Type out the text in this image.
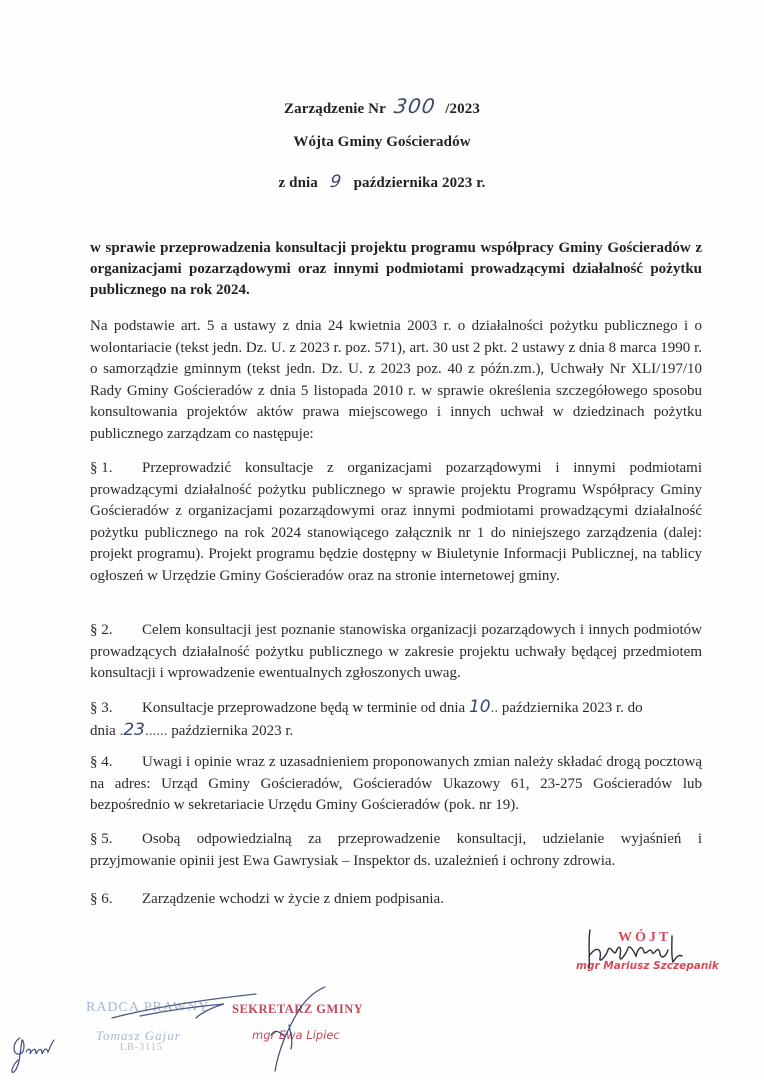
Zarządzenie Nr 300 /2023
Wójta Gminy Gościeradów
z dnia 9 października 2023 r.
w sprawie przeprowadzenia konsultacji projektu programu współpracy Gminy Gościeradów z organizacjami pozarządowymi oraz innymi podmiotami prowadzącymi działalność pożytku publicznego na rok 2024.
Na podstawie art. 5 a ustawy z dnia 24 kwietnia 2003 r. o działalności pożytku publicznego i o wolontariacie (tekst jedn. Dz. U. z 2023 r. poz. 571), art. 30 ust 2 pkt. 2 ustawy z dnia 8 marca 1990 r. o samorządzie gminnym (tekst jedn. Dz. U. z 2023 poz. 40 z późn.zm.), Uchwały Nr XLI/197/10 Rady Gminy Gościeradów z dnia 5 listopada 2010 r. w sprawie określenia szczegółowego sposobu konsultowania projektów aktów prawa miejscowego i innych uchwał w dziedzinach pożytku publicznego zarządzam co następuje:
§ 1. Przeprowadzić konsultacje z organizacjami pozarządowymi i innymi podmiotami prowadzącymi działalność pożytku publicznego w sprawie projektu Programu Współpracy Gminy Gościeradów z organizacjami pozarządowymi oraz innymi podmiotami prowadzącymi działalność pożytku publicznego na rok 2024 stanowiącego załącznik nr 1 do niniejszego zarządzenia (dalej: projekt programu). Projekt programu będzie dostępny w Biuletynie Informacji Publicznej, na tablicy ogłoszeń w Urzędzie Gminy Gościeradów oraz na stronie internetowej gminy.
§ 2. Celem konsultacji jest poznanie stanowiska organizacji pozarządowych i innych podmiotów prowadzących działalność pożytku publicznego w zakresie projektu uchwały będącej przedmiotem konsultacji i wprowadzenie ewentualnych zgłoszonych uwag.
§ 3. Konsultacje przeprowadzone będą w terminie od dnia 10.. października 2023 r. do
dnia .23...... października 2023 r.
§ 4. Uwagi i opinie wraz z uzasadnieniem proponowanych zmian należy składać drogą pocztową na adres: Urząd Gminy Gościeradów, Gościeradów Ukazowy 61, 23-275 Gościeradów lub bezpośrednio w sekretariacie Urzędu Gminy Gościeradów (pok. nr 19).
§ 5. Osobą odpowiedzialną za przeprowadzenie konsultacji, udzielanie wyjaśnień i przyjmowanie opinii jest Ewa Gawrysiak – Inspektor ds. uzależnień i ochrony zdrowia.
§ 6. Zarządzenie wchodzi w życie z dniem podpisania.
WÓJT
mgr Mariusz Szczepanik
RADCA PRAWNY
Tomasz Gajur
LB-3115
SEKRETARZ GMINY
mgr Ewa Lipiec
